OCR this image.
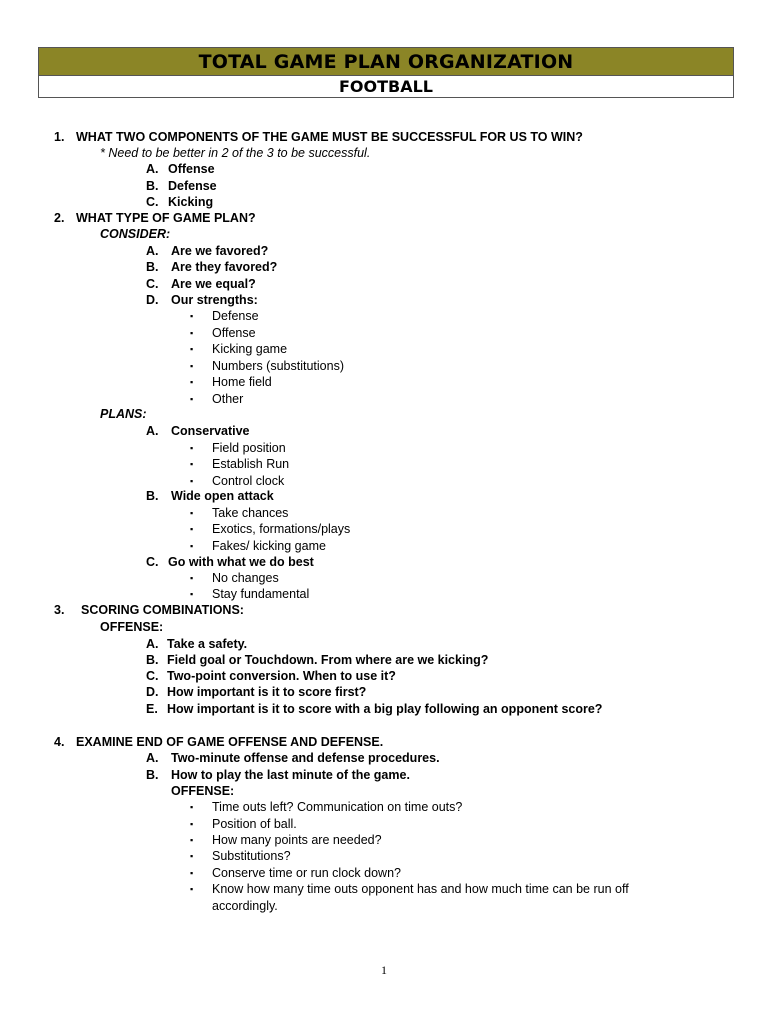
TOTAL GAME PLAN ORGANIZATION
FOOTBALL
1. WHAT TWO COMPONENTS OF THE GAME MUST BE SUCCESSFUL FOR US TO WIN?
* Need to be better in 2 of the 3 to be successful.
A. Offense
B. Defense
C. Kicking
2. WHAT TYPE OF GAME PLAN?
CONSIDER:
A. Are we favored?
B. Are they favored?
C. Are we equal?
D. Our strengths:
▪ Defense
▪ Offense
▪ Kicking game
▪ Numbers (substitutions)
▪ Home field
▪ Other
PLANS:
A. Conservative
▪ Field position
▪ Establish Run
▪ Control clock
B. Wide open attack
▪ Take chances
▪ Exotics, formations/plays
▪ Fakes/ kicking game
C. Go with what we do best
▪ No changes
▪ Stay fundamental
3. SCORING COMBINATIONS:
OFFENSE:
A. Take a safety.
B. Field goal or Touchdown. From where are we kicking?
C. Two-point conversion. When to use it?
D. How important is it to score first?
E. How important is it to score with a big play following an opponent score?
4. EXAMINE END OF GAME OFFENSE AND DEFENSE.
A. Two-minute offense and defense procedures.
B. How to play the last minute of the game.
OFFENSE:
▪ Time outs left? Communication on time outs?
▪ Position of ball.
▪ How many points are needed?
▪ Substitutions?
▪ Conserve time or run clock down?
▪ Know how many time outs opponent has and how much time can be run off
accordingly.
1
